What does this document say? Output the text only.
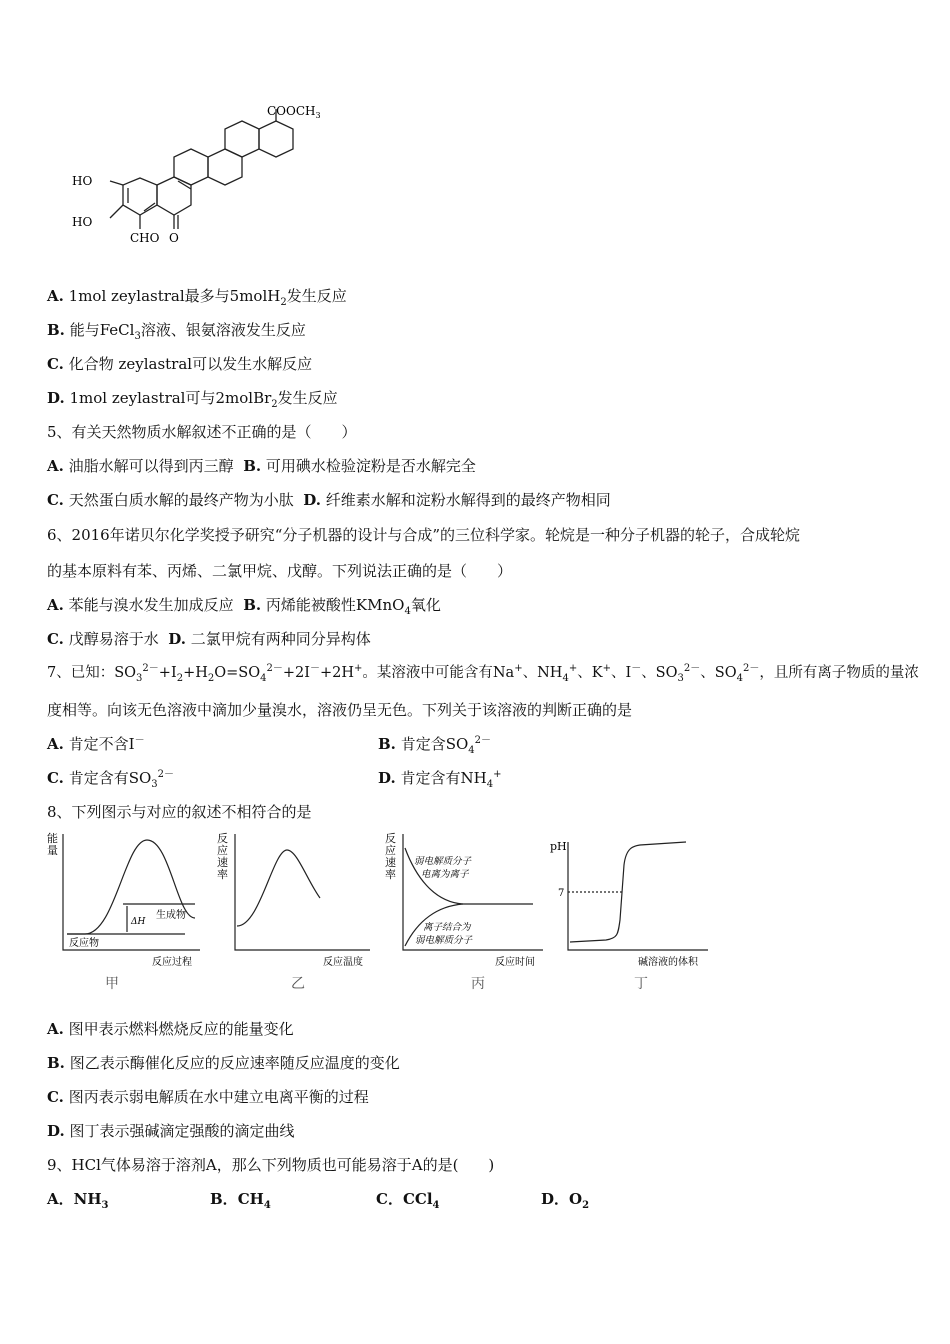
$COOCH_3$
HO
HO
CHO O
A. 1mol zeylastral最多与5molH$_2$发生反应
B. 能与FeCl$_3$溶液、银氨溶液发生反应
C. 化合物 zeylastral可以发生水解反应
D. 1mol zeylastral可与2molBr$_2$发生反应
5、有关天然物质水解叙述不正确的是（　　）
A. 油脂水解可以得到丙三醇 B. 可用碘水检验淀粉是否水解完全
C. 天然蛋白质水解的最终产物为小肽 D. 纤维素水解和淀粉水解得到的最终产物相同
6、2016年诺贝尔化学奖授予研究“分子机器的设计与合成”的三位科学家。轮烷是一种分子机器的轮子，合成轮烷
的基本原料有苯、丙烯、二氯甲烷、戊醇。下列说法正确的是（　　）
A. 苯能与溴水发生加成反应 B. 丙烯能被酸性KMnO$_4$氧化
C. 戊醇易溶于水 D. 二氯甲烷有两种同分异构体
7、已知：$SO_3^{2-}+I_2+H_2O=SO_4^{2-}+2I^-+2H^+$。某溶液中可能含有Na+、$NH_4^+$、K+、I－、$SO_3^{2-}$、$SO_4^{2-}$，且所有离子物质的量浓
度相等。向该无色溶液中滴加少量溴水，溶液仍呈无色。下列关于该溶液的判断正确的是
A. 肯定不含I－	B. 肯定含$SO_4^{2-}$
C. 肯定含有$SO_3^{2-}$	D. 肯定含有$NH_4^+$
8、下列图示与对应的叙述不相符合的是
能
量
反应过程
生成物
反应物
ΔH
甲
反
应
速
率
反应温度
乙
反
应
速
率
弱电解质分子
电离为离子
离子结合为
弱电解质分子
反应时间
丙
pH
7
碱溶液的体积
丁
A. 图甲表示燃料燃烧反应的能量变化
B. 图乙表示酶催化反应的反应速率随反应温度的变化
C. 图丙表示弱电解质在水中建立电离平衡的过程
D. 图丁表示强碱滴定强酸的滴定曲线
9、HCl气体易溶于溶剂A，那么下列物质也可能易溶于A的是(　　)
A．$NH_3$	B．$CH_4$	C．CCl$_4$	D．$O_2$
